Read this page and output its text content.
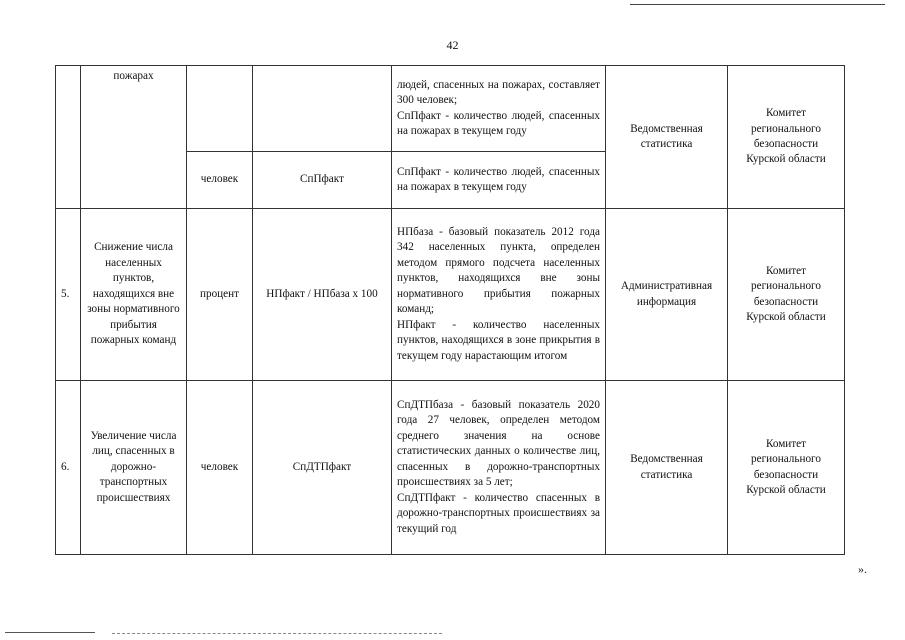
42
	пожарах			людей, спасенных на пожарах, составляет 300 человек;
СпПфакт - количество людей, спасенных на пожарах в текущем году	Ведомственная статистика	Комитет регионального безопасности Курской области
		человек	СпПфакт	СпПфакт - количество людей, спасенных на пожарах в текущем году		
5.	Снижение числа населенных пунктов, находящихся вне зоны нормативного прибытия пожарных команд	процент	НПфакт / НПбаза х 100	НПбаза - базовый показатель 2012 года 342 населенных пункта, определен методом прямого подсчета населенных пунктов, находящихся вне зоны нормативного прибытия пожарных команд;
НПфакт - количество населенных пунктов, находящихся в зоне прикрытия в текущем году нарастающим итогом	Административная информация	Комитет регионального безопасности Курской области
6.	Увеличение числа лиц, спасенных в дорожно-транспортных происшествиях	человек	СпДТПфакт	СпДТПбаза - базовый показатель 2020 года 27 человек, определен методом среднего значения на основе статистических данных о количестве лиц, спасенных в дорожно-транспортных происшествиях за 5 лет;
СпДТПфакт - количество спасенных в дорожно-транспортных происшествиях за текущий год	Ведомственная статистика	Комитет регионального безопасности Курской области
».
